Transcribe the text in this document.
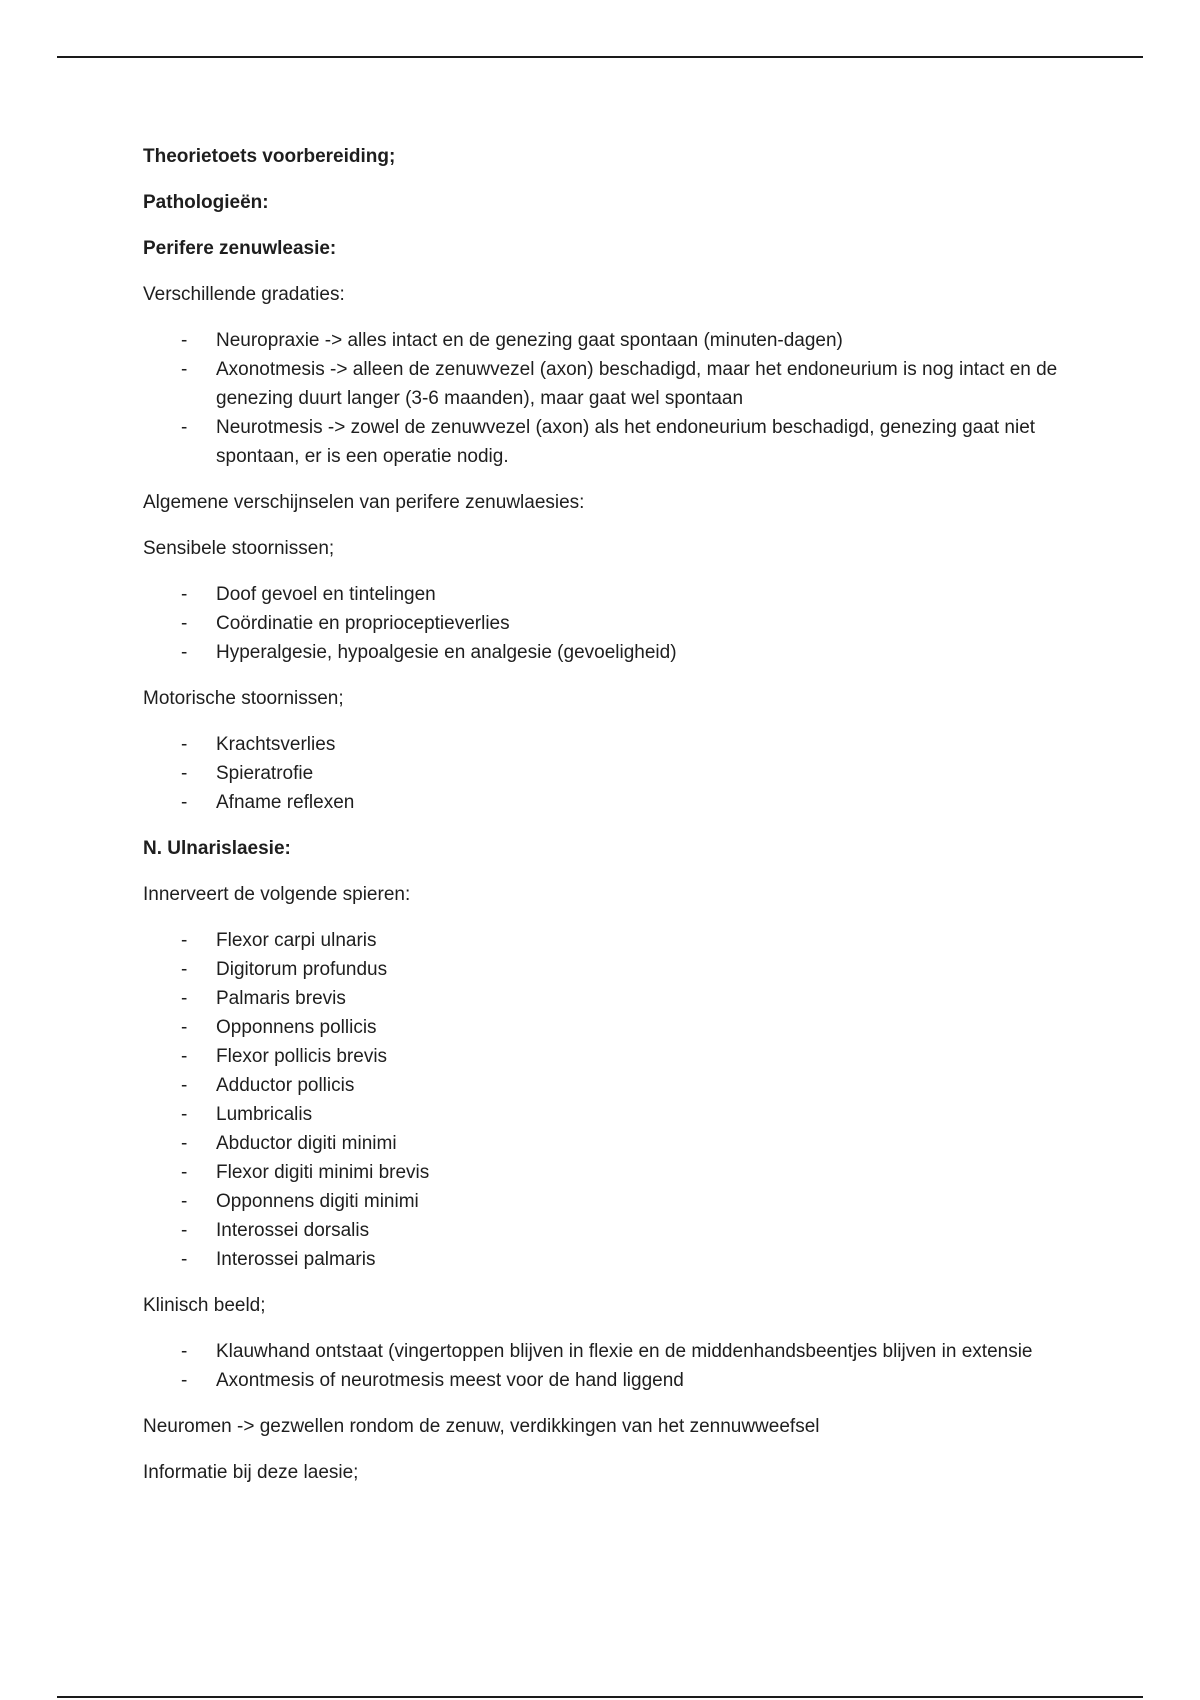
Theorietoets voorbereiding;

Pathologieën:

Perifere zenuwleasie:

Verschillende gradaties:

- Neuropraxie -> alles intact en de genezing gaat spontaan (minuten-dagen)
- Axonotmesis -> alleen de zenuwvezel (axon) beschadigd, maar het endoneurium is nog intact en de genezing duurt langer (3-6 maanden), maar gaat wel spontaan
- Neurotmesis -> zowel de zenuwvezel (axon) als het endoneurium beschadigd, genezing gaat niet spontaan, er is een operatie nodig.

Algemene verschijnselen van perifere zenuwlaesies:

Sensibele stoornissen;

- Doof gevoel en tintelingen
- Coördinatie en proprioceptieverlies
- Hyperalgesie, hypoalgesie en analgesie (gevoeligheid)

Motorische stoornissen;

- Krachtsverlies
- Spieratrofie
- Afname reflexen

N. Ulnarislaesie:

Innerveert de volgende spieren:

- Flexor carpi ulnaris
- Digitorum profundus
- Palmaris brevis
- Opponnens pollicis
- Flexor pollicis brevis
- Adductor pollicis
- Lumbricalis
- Abductor digiti minimi
- Flexor digiti minimi brevis
- Opponnens digiti minimi
- Interossei dorsalis
- Interossei palmaris

Klinisch beeld;

- Klauwhand ontstaat (vingertoppen blijven in flexie en de middenhandsbeentjes blijven in extensie
- Axontmesis of neurotmesis meest voor de hand liggend

Neuromen -> gezwellen rondom de zenuw, verdikkingen van het zennuwweefsel

Informatie bij deze laesie;
